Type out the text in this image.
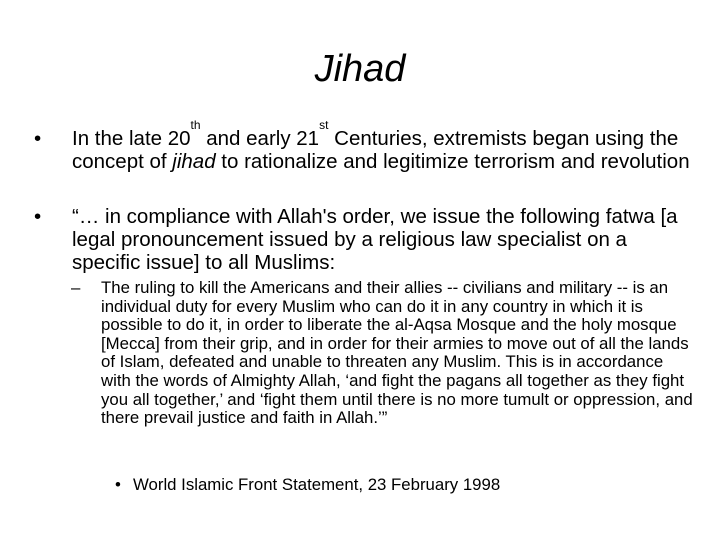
Jihad
• In the late 20th and early 21st Centuries, extremists began using the concept of jihad to rationalize and legitimize terrorism and revolution
• “… in compliance with Allah's order, we issue the following fatwa [a legal pronouncement issued by a religious law specialist on a specific issue] to all Muslims:
– The ruling to kill the Americans and their allies -- civilians and military -- is an individual duty for every Muslim who can do it in any country in which it is possible to do it, in order to liberate the al-Aqsa Mosque and the holy mosque [Mecca] from their grip, and in order for their armies to move out of all the lands of Islam, defeated and unable to threaten any Muslim. This is in accordance with the words of Almighty Allah, ‘and fight the pagans all together as they fight you all together,’ and ‘fight them until there is no more tumult or oppression, and there prevail justice and faith in Allah.’”
• World Islamic Front Statement, 23 February 1998
